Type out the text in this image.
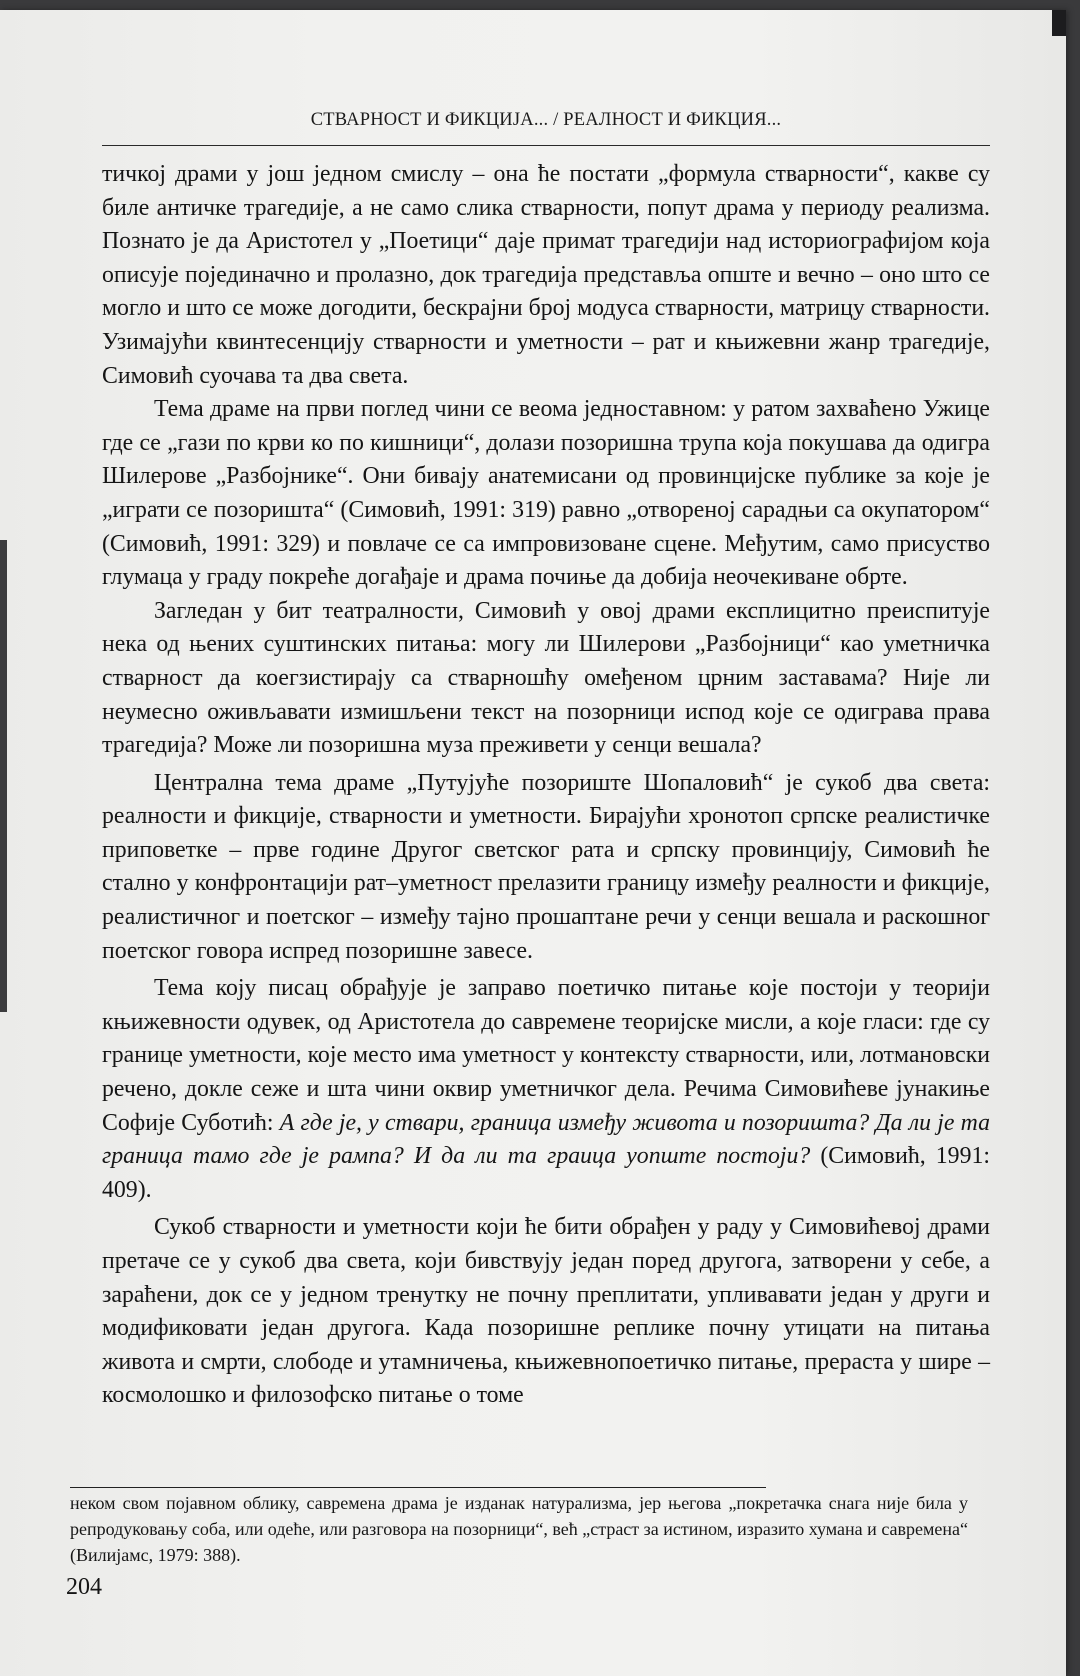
СТВАРНОСТ И ФИКЦИЈА... / РЕАЛНОСТ И ФИКЦИЯ...

тичкој драми у још једном смислу – она ће постати „формула стварности“, какве су биле античке трагедије, а не само слика стварности, попут драма у периоду реализма. Познато је да Аристотел у „Поетици“ даје примат трагедији над историографијом која описује појединачно и пролазно, док трагедија представља опште и вечно – оно што се могло и што се може догодити, бескрајни број модуса стварности, матрицу стварности. Узимајући квинтесенцију стварности и уметности – рат и књижевни жанр трагедије, Симовић суочава та два света.

Тема драме на први поглед чини се веома једноставном: у ратом захваћено Ужице где се „гази по крви ко по кишници“, долази позоришна трупа која покушава да одигра Шилерове „Разбојнике“. Они бивају анатемисани од провинцијске публике за које је „играти се позоришта“ (Симовић, 1991: 319) равно „отвореној сарадњи са окупатором“ (Симовић, 1991: 329) и повлаче се са импровизоване сцене. Међутим, само присуство глумаца у граду покреће догађаје и драма почиње да добија неочекиване обрте.

Загледан у бит театралности, Симовић у овој драми експлицитно преиспитује нека од њених суштинских питања: могу ли Шилерови „Разбојници“ као уметничка стварност да коегзистирају са стварношћу омеђеном црним заставама? Није ли неумесно оживљавати измишљени текст на позорници испод које се одиграва права трагедија? Може ли позоришна муза преживети у сенци вешала?

Централна тема драме „Путујуће позориште Шопаловић“ је сукоб два света: реалности и фикције, стварности и уметности. Бирајући хронотоп српске реалистичке приповетке – прве године Другог светског рата и српску провинцију, Симовић ће стално у конфронтацији рат–уметност прелазити границу између реалности и фикције, реалистичног и поетског – између тајно прошаптане речи у сенци вешала и раскошног поетског говора испред позоришне завесе.

Тема коју писац обрађује је заправо поетичко питање које постоји у теорији књижевности одувек, од Аристотела до савремене теоријске мисли, а које гласи: где су границе уметности, које место има уметност у контексту стварности, или, лотмановски речено, докле сеже и шта чини оквир уметничког дела. Речима Симовићеве јунакиње Софије Суботић: А где је, у ствари, граница између живота и позоришта? Да ли је та граница тамо где је рампа? И да ли та граица уопште постоји? (Симовић, 1991: 409).

Сукоб стварности и уметности који ће бити обрађен у раду у Симовићевој драми претаче се у сукоб два света, који бивствују један поред другога, затворени у себе, а зараћени, док се у једном тренутку не почну преплитати, упливавати један у други и модификовати један другога. Када позоришне реплике почну утицати на питања живота и смрти, слободе и утамничења, књижевнопоетичко питање, прераста у шире – космолошко и филозофско питање о томе

неком свом појавном облику, савремена драма је изданак натурализма, јер његова „покретачка снага није била у репродуковању соба, или одеће, или разговора на позорници“, већ „страст за истином, изразито хумана и савремена“ (Вилијамс, 1979: 388).

204
